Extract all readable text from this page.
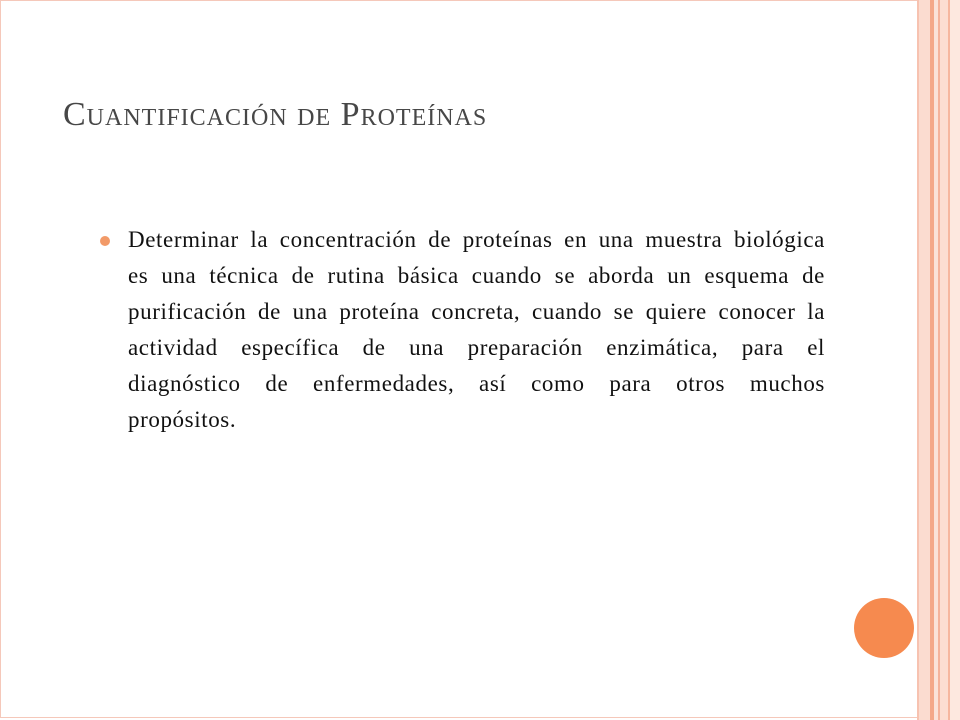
Cuantificación de Proteínas
Determinar la concentración de proteínas en una muestra biológica es una técnica de rutina básica cuando se aborda un esquema de purificación de una proteína concreta, cuando se quiere conocer la actividad específica de una preparación enzimática, para el diagnóstico de enfermedades, así como para otros muchos propósitos.
